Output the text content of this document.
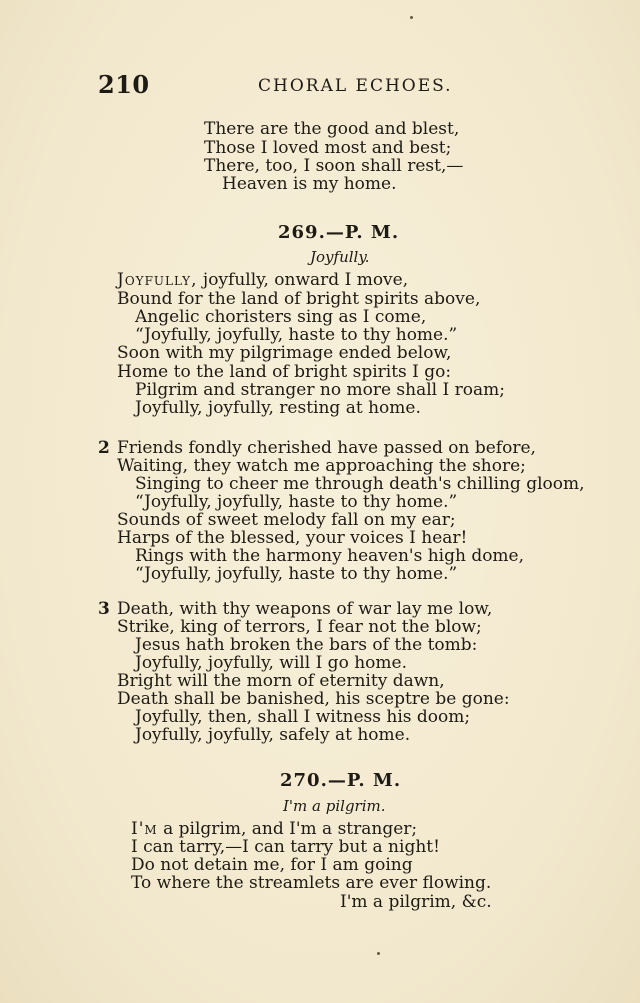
210	CHORAL ECHOES.
There are the good and blest,
Those I loved most and best;
There, too, I soon shall rest,—
Heaven is my home.
269.—P. M.
Joyfully.
Joyfully, joyfully, onward I move,
Bound for the land of bright spirits above,
Angelic choristers sing as I come,
“Joyfully, joyfully, haste to thy home.”
Soon with my pilgrimage ended below,
Home to the land of bright spirits I go:
Pilgrim and stranger no more shall I roam;
Joyfully, joyfully, resting at home.
2 Friends fondly cherished have passed on before,
Waiting, they watch me approaching the shore;
Singing to cheer me through death's chilling gloom,
“Joyfully, joyfully, haste to thy home.”
Sounds of sweet melody fall on my ear;
Harps of the blessed, your voices I hear!
Rings with the harmony heaven's high dome,
“Joyfully, joyfully, haste to thy home.”
3 Death, with thy weapons of war lay me low,
Strike, king of terrors, I fear not the blow;
Jesus hath broken the bars of the tomb:
Joyfully, joyfully, will I go home.
Bright will the morn of eternity dawn,
Death shall be banished, his sceptre be gone:
Joyfully, then, shall I witness his doom;
Joyfully, joyfully, safely at home.
270.—P. M.
I'm a pilgrim.
I'm a pilgrim, and I'm a stranger;
I can tarry,—I can tarry but a night!
Do not detain me, for I am going
To where the streamlets are ever flowing.
I'm a pilgrim, &c.
